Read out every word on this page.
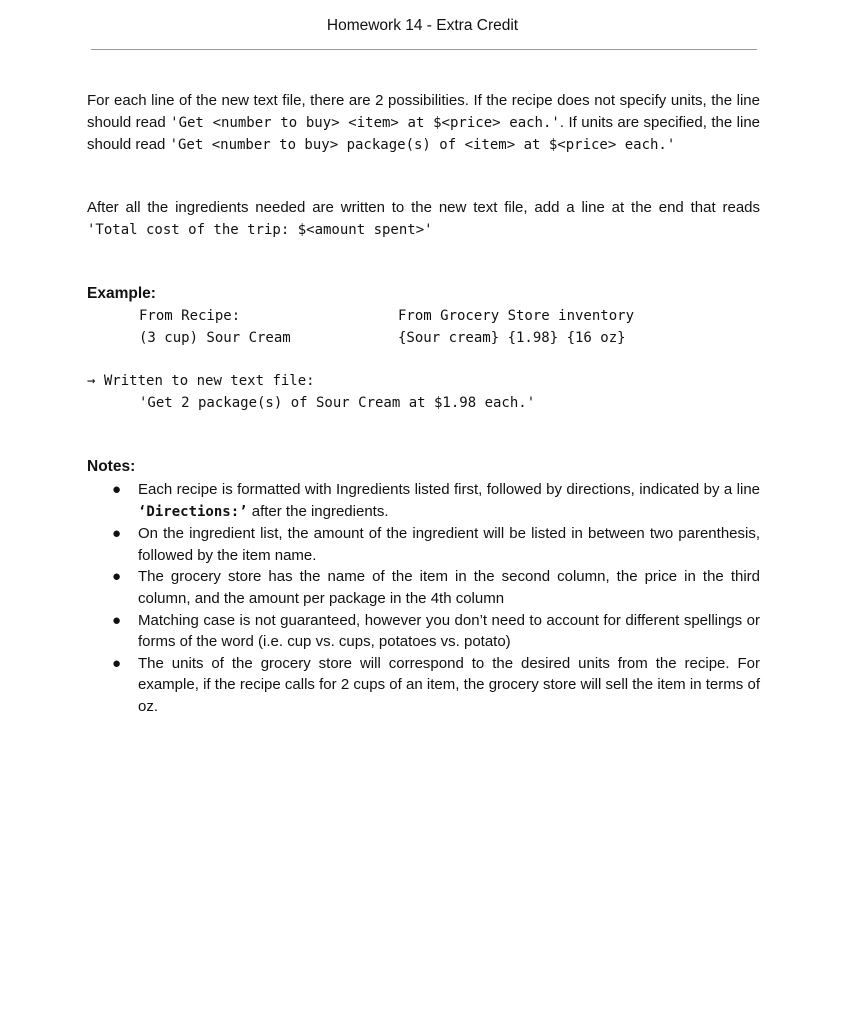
Homework 14 - Extra Credit

For each line of the new text file, there are 2 possibilities. If the recipe does not specify units, the line should read 'Get <number to buy> <item> at $<price> each.'. If units are specified, the line should read 'Get <number to buy> package(s) of <item> at $<price> each.'

After all the ingredients needed are written to the new text file, add a line at the end that reads 'Total cost of the trip: $<amount spent>'

Example:
From Recipe:	From Grocery Store inventory
(3 cup) Sour Cream	{Sour cream} {1.98} {16 oz}
→ Written to new text file:
'Get 2 package(s) of Sour Cream at $1.98 each.'
Notes:
● Each recipe is formatted with Ingredients listed first, followed by directions, indicated by a line ‘Directions:’ after the ingredients.
● On the ingredient list, the amount of the ingredient will be listed in between two parenthesis, followed by the item name.
● The grocery store has the name of the item in the second column, the price in the third column, and the amount per package in the 4th column
● Matching case is not guaranteed, however you don’t need to account for different spellings or forms of the word (i.e. cup vs. cups, potatoes vs. potato)
● The units of the grocery store will correspond to the desired units from the recipe. For example, if the recipe calls for 2 cups of an item, the grocery store will sell the item in terms of oz.
